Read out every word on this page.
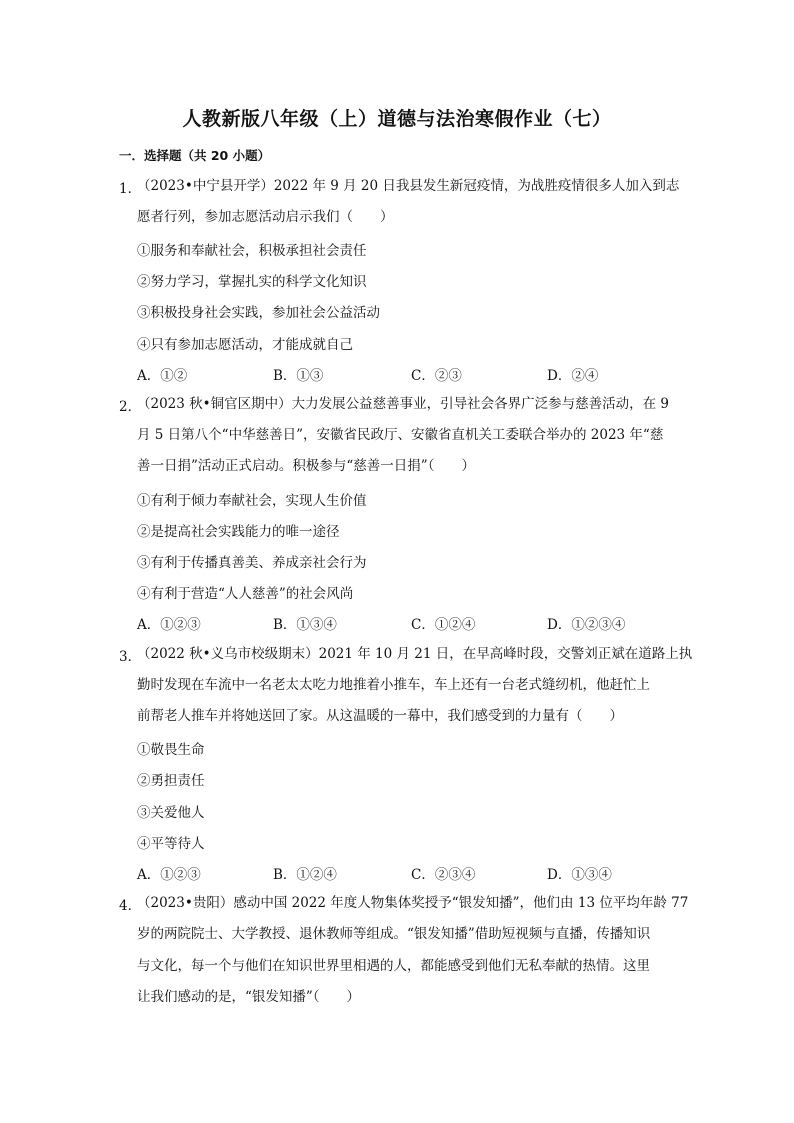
人教新版八年级（上）道德与法治寒假作业（七）
一．选择题（共 20 小题）
1．
（2023•中宁县开学）2022 年 9 月 20 日我县发生新冠疫情，为战胜疫情很多人加入到志
愿者行列，参加志愿活动启示我们（　　）
①服务和奉献社会，积极承担社会责任
②努力学习，掌握扎实的科学文化知识
③积极投身社会实践，参加社会公益活动
④只有参加志愿活动，才能成就自己
A．①②	B．①③	C．②③	D．②④
2．
（2023 秋•铜官区期中）大力发展公益慈善事业，引导社会各界广泛参与慈善活动，在 9
月 5 日第八个“中华慈善日”，安徽省民政厅、安徽省直机关工委联合举办的 2023 年“慈
善一日捐”活动正式启动。积极参与“慈善一日捐”（　　）
①有利于倾力奉献社会，实现人生价值
②是提高社会实践能力的唯一途径
③有利于传播真善美、养成亲社会行为
④有利于营造“人人慈善”的社会风尚
A．①②③	B．①③④	C．①②④	D．①②③④
3．
（2022 秋•义乌市校级期末）2021 年 10 月 21 日，在早高峰时段，交警刘正斌在道路上执
勤时发现在车流中一名老太太吃力地推着小推车，车上还有一台老式缝纫机，他赶忙上
前帮老人推车并将她送回了家。从这温暖的一幕中，我们感受到的力量有（　　）
①敬畏生命
②勇担责任
③关爱他人
④平等待人
A．①②③	B．①②④	C．②③④	D．①③④
4．
（2023•贵阳）感动中国 2022 年度人物集体奖授予“银发知播”，他们由 13 位平均年龄 77
岁的两院院士、大学教授、退休教师等组成。“银发知播”借助短视频与直播，传播知识
与文化，每一个与他们在知识世界里相遇的人，都能感受到他们无私奉献的热情。这里
让我们感动的是，“银发知播”（　　）
